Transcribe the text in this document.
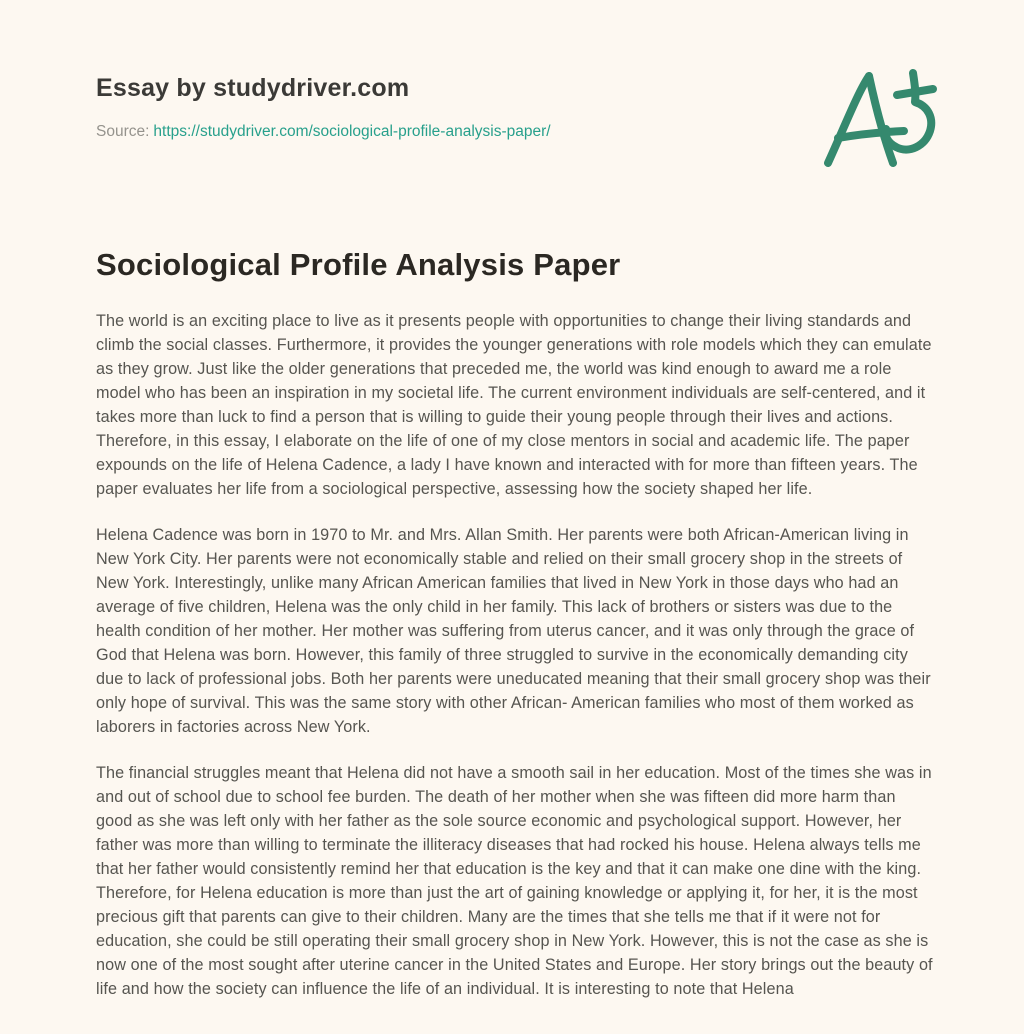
Essay by studydriver.com
Source: https://studydriver.com/sociological-profile-analysis-paper/
Sociological Profile Analysis Paper

The world is an exciting place to live as it presents people with opportunities to change their living standards and climb the social classes. Furthermore, it provides the younger generations with role models which they can emulate as they grow. Just like the older generations that preceded me, the world was kind enough to award me a role model who has been an inspiration in my societal life. The current environment individuals are self-centered, and it takes more than luck to find a person that is willing to guide their young people through their lives and actions. Therefore, in this essay, I elaborate on the life of one of my close mentors in social and academic life. The paper expounds on the life of Helena Cadence, a lady I have known and interacted with for more than fifteen years. The paper evaluates her life from a sociological perspective, assessing how the society shaped her life.

Helena Cadence was born in 1970 to Mr. and Mrs. Allan Smith. Her parents were both African-American living in New York City. Her parents were not economically stable and relied on their small grocery shop in the streets of New York. Interestingly, unlike many African American families that lived in New York in those days who had an average of five children, Helena was the only child in her family. This lack of brothers or sisters was due to the health condition of her mother. Her mother was suffering from uterus cancer, and it was only through the grace of God that Helena was born. However, this family of three struggled to survive in the economically demanding city due to lack of professional jobs. Both her parents were uneducated meaning that their small grocery shop was their only hope of survival. This was the same story with other African- American families who most of them worked as laborers in factories across New York.

The financial struggles meant that Helena did not have a smooth sail in her education. Most of the times she was in and out of school due to school fee burden. The death of her mother when she was fifteen did more harm than good as she was left only with her father as the sole source economic and psychological support. However, her father was more than willing to terminate the illiteracy diseases that had rocked his house. Helena always tells me that her father would consistently remind her that education is the key and that it can make one dine with the king. Therefore, for Helena education is more than just the art of gaining knowledge or applying it, for her, it is the most precious gift that parents can give to their children. Many are the times that she tells me that if it were not for education, she could be still operating their small grocery shop in New York. However, this is not the case as she is now one of the most sought after uterine cancer in the United States and Europe. Her story brings out the beauty of life and how the society can influence the life of an individual. It is interesting to note that Helena
